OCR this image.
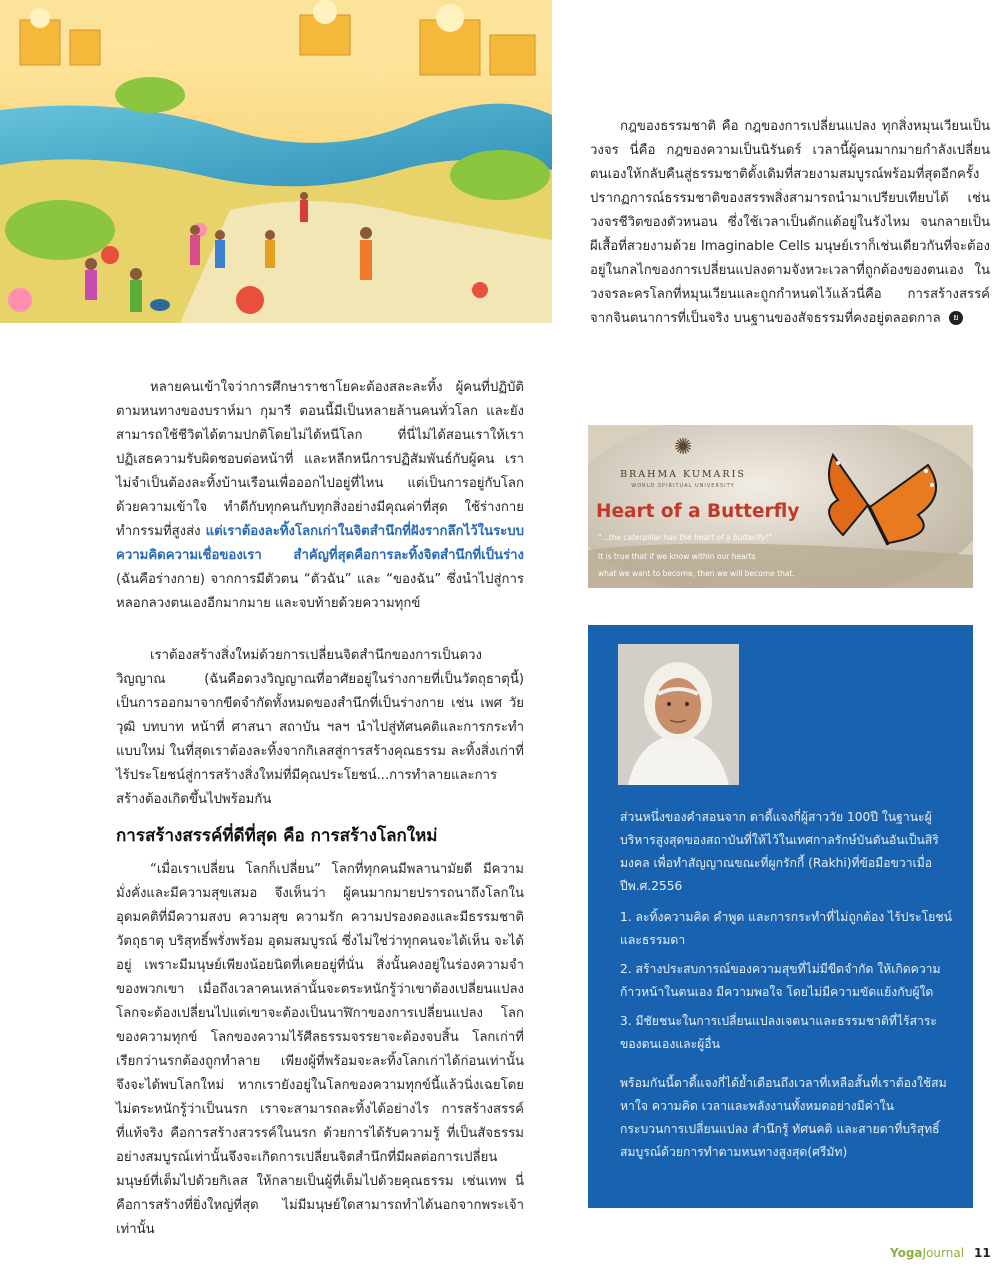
กฎของธรรมชาติ คือ กฎของการเปลี่ยนแปลง ทุกสิ่งหมุนเวียนเป็นวงจร นี่คือ กฎของความเป็นนิรันดร์ เวลานี้ผู้คนมากมายกำลังเปลี่ยนตนเองให้กลับคืนสู่ธรรมชาติดั้งเดิมที่สวยงามสมบูรณ์พร้อมที่สุดอีกครั้ง ปรากฏการณ์ธรรมชาติของสรรพสิ่งสามารถนำมาเปรียบเทียบได้ เช่น วงจรชีวิตของตัวหนอน ซึ่งใช้เวลาเป็นดักแด้อยู่ในรังไหม จนกลายเป็นผีเสื้อที่สวยงามด้วย Imaginable Cells มนุษย์เราก็เช่นเดียวกันที่จะต้องอยู่ในกลไกของการเปลี่ยนแปลงตามจังหวะเวลาที่ถูกต้องของตนเอง ในวงจรละครโลกที่หมุนเวียนและถูกกำหนดไว้แล้วนี่คือ การสร้างสรรค์ จากจินตนาการที่เป็นจริง บนฐานของสัจธรรมที่คงอยู่ตลอดกาล ย
หลายคนเข้าใจว่าการศึกษาราชาโยคะต้องสละละทิ้ง ผู้คนที่ปฏิบัติตามหนทางของบราห์มา กุมารี ตอนนี้มีเป็นหลายล้านคนทั่วโลก และยังสามารถใช้ชีวิตได้ตามปกติโดยไม่ได้หนีโลก ที่นี่ไม่ได้สอนเราให้เราปฏิเสธความรับผิดชอบต่อหน้าที่ และหลีกหนีการปฏิสัมพันธ์กับผู้คน เราไม่จำเป็นต้องละทิ้งบ้านเรือนเพื่อออกไปอยู่ที่ไหน แต่เป็นการอยู่กับโลกด้วยความเข้าใจ ทำดีกับทุกคนกับทุกสิ่งอย่างมีคุณค่าที่สุด ใช้ร่างกายทำกรรมที่สูงส่ง แต่เราต้องละทิ้งโลกเก่าในจิตสำนึกที่ฝังรากลึกไว้ในระบบความคิดความเชื่อของเรา สำคัญที่สุดคือการละทิ้งจิตสำนึกที่เป็นร่าง (ฉันคือร่างกาย) จากการมีตัวตน “ตัวฉัน” และ “ของฉัน” ซึ่งนำไปสู่การหลอกลวงตนเองอีกมากมาย และจบท้ายด้วยความทุกข์
เราต้องสร้างสิ่งใหม่ด้วยการเปลี่ยนจิตสำนึกของการเป็นดวงวิญญาณ (ฉันคือดวงวิญญาณที่อาศัยอยู่ในร่างกายที่เป็นวัตถุธาตุนี้) เป็นการออกมาจากขีดจำกัดทั้งหมดของสำนึกที่เป็นร่างกาย เช่น เพศ วัย วุฒิ บทบาท หน้าที่ ศาสนา สถาบัน ฯลฯ นำไปสู่ทัศนคติและการกระทำแบบใหม่ ในที่สุดเราต้องละทิ้งจากกิเลสสู่การสร้างคุณธรรม ละทิ้งสิ่งเก่าที่ไร้ประโยชน์สู่การสร้างสิ่งใหม่ที่มีคุณประโยชน์...การทำลายและการสร้างต้องเกิดขึ้นไปพร้อมกัน
การสร้างสรรค์ที่ดีที่สุด คือ การสร้างโลกใหม่
“เมื่อเราเปลี่ยน โลกก็เปลี่ยน” โลกที่ทุกคนมีพลานามัยดี มีความมั่งคั่งและมีความสุขเสมอ จึงเห็นว่า ผู้คนมากมายปรารถนาถึงโลกในอุดมคติที่มีความสงบ ความสุข ความรัก ความปรองดองและมีธรรมชาติ วัตถุธาตุ บริสุทธิ์พรั่งพร้อม อุดมสมบูรณ์ ซึ่งไม่ใช่ว่าทุกคนจะได้เห็น จะได้อยู่ เพราะมีมนุษย์เพียงน้อยนิดที่เคยอยู่ที่นั่น สิ่งนั้นคงอยู่ในร่องความจำของพวกเขา เมื่อถึงเวลาคนเหล่านั้นจะตระหนักรู้ว่าเขาต้องเปลี่ยนแปลง โลกจะต้องเปลี่ยนไปแต่เขาจะต้องเป็นนาฬิกาของการเปลี่ยนแปลง โลกของความทุกข์ โลกของความไร้ศีลธรรมจรรยาจะต้องจบสิ้น โลกเก่าที่เรียกว่านรกต้องถูกทำลาย เพียงผู้ที่พร้อมจะละทิ้งโลกเก่าได้ก่อนเท่านั้น จึงจะได้พบโลกใหม่ หากเรายังอยู่ในโลกของความทุกข์นี้แล้วนิ่งเฉยโดยไม่ตระหนักรู้ว่าเป็นนรก เราจะสามารถละทิ้งได้อย่างไร การสร้างสรรค์ที่แท้จริง คือการสร้างสวรรค์ในนรก ด้วยการได้รับความรู้ ที่เป็นสัจธรรมอย่างสมบูรณ์เท่านั้นจึงจะเกิดการเปลี่ยนจิตสำนึกที่มีผลต่อการเปลี่ยนมนุษย์ที่เต็มไปด้วยกิเลส ให้กลายเป็นผู้ที่เต็มไปด้วยคุณธรรม เช่นเทพ นี่คือการสร้างที่ยิ่งใหญ่ที่สุด ไม่มีมนุษย์ใดสามารถทำได้นอกจากพระเจ้าเท่านั้น
BRAHMA KUMARIS
✺
WORLD SPIRITUAL UNIVERSITY
Heart of a Butterfly
"...the caterpillar has the heart of a butterfly!"
It is true that if we know within our hearts
what we want to become, then we will become that.
ส่วนหนึ่งของคำสอนจาก ดาดี้แจงกี่ผู้สาววัย 100ปี ในฐานะผู้บริหารสูงสุดของสถาบันที่ให้ไว้ในเทศกาลรักษ์บันดันอันเป็นสิริมงคล เพื่อทำสัญญาณขณะที่ผูกรักกี้ (Rakhi)ที่ข้อมือขวาเมื่อปีพ.ศ.2556
1. ละทิ้งความคิด คำพูด และการกระทำที่ไม่ถูกต้อง ไร้ประโยชน์และธรรมดา
2. สร้างประสบการณ์ของความสุขที่ไม่มีขีดจำกัด ให้เกิดความก้าวหน้าในตนเอง มีความพอใจ โดยไม่มีความขัดแย้งกับผู้ใด
3. มีชัยชนะในการเปลี่ยนแปลงเจตนาและธรรมชาติที่ไร้สาระของตนเองและผู้อื่น
พร้อมกันนี้ดาดี้แจงกี่ได้ย้ำเตือนถึงเวลาที่เหลือสั้นที่เราต้องใช้สมหาใจ ความคิด เวลาและพลังงานทั้งหมดอย่างมีค่าในกระบวนการเปลี่ยนแปลง สำนึกรู้ ทัศนคติ และสายตาที่บริสุทธิ์สมบูรณ์ด้วยการทำตามหนทางสูงสุด(ศรีมัท)
YogaJournal 11
